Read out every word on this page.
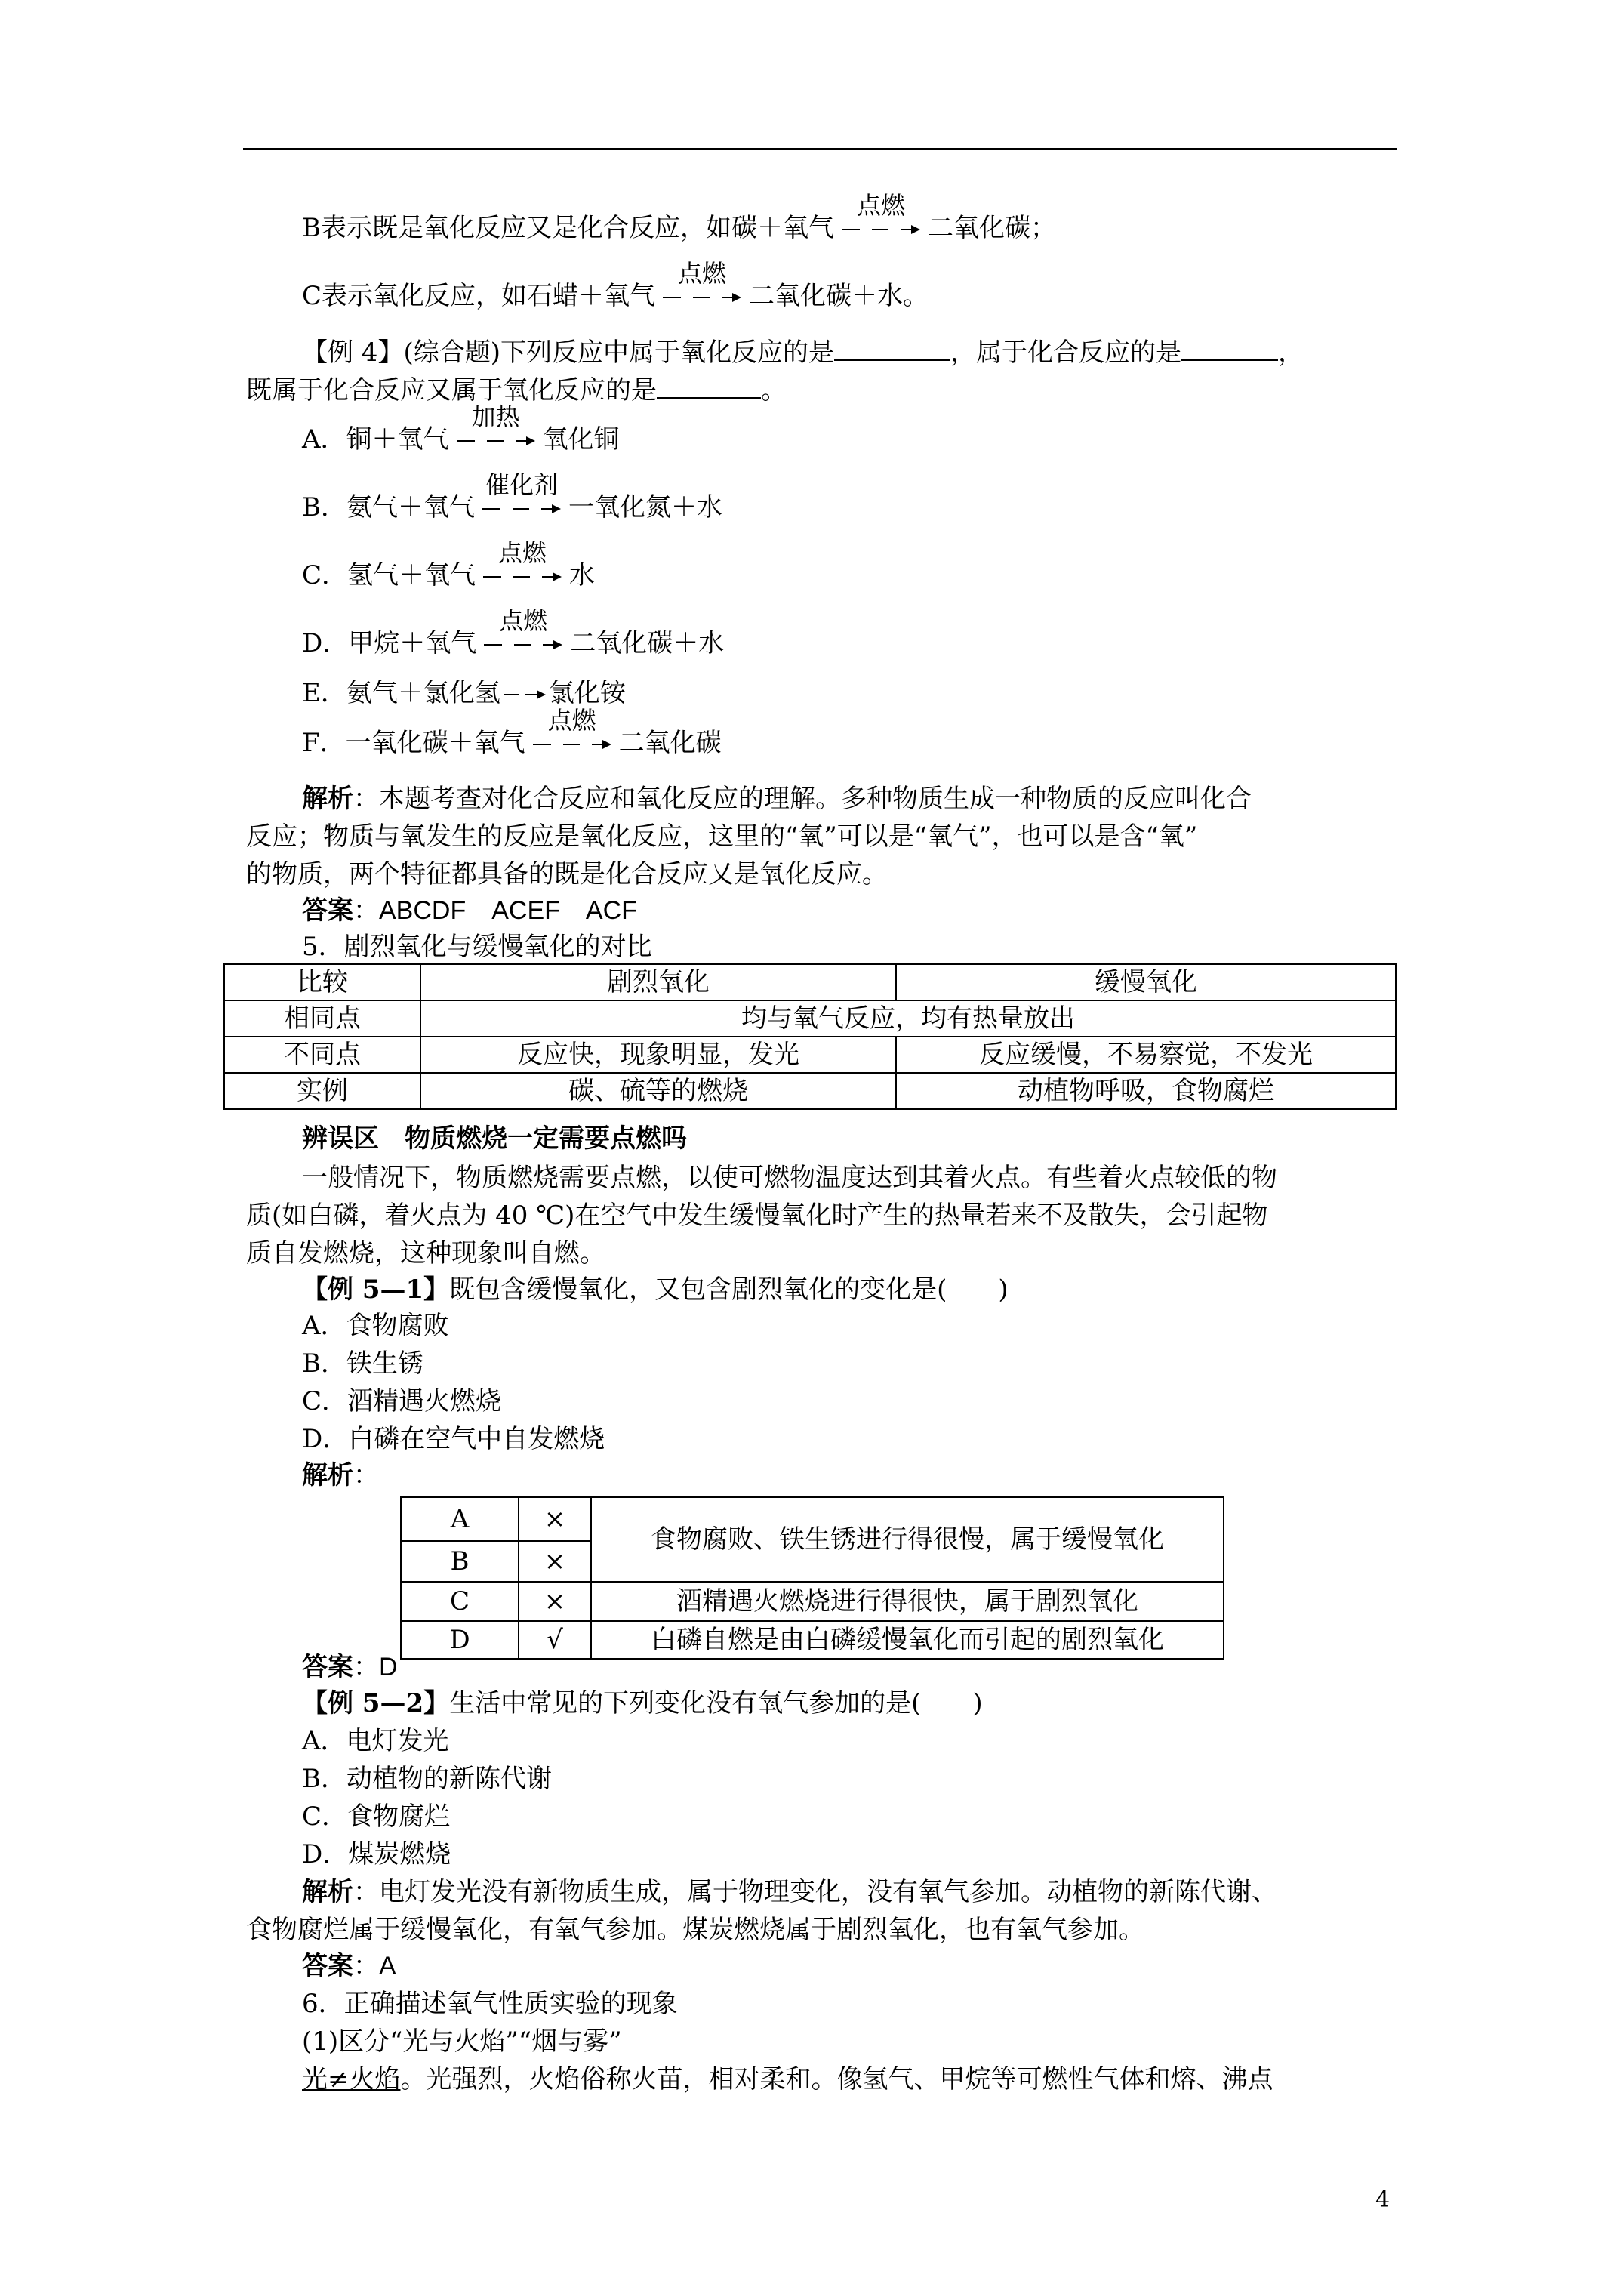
B表示既是氧化反应又是化合反应，如碳＋氧气
点燃
二氧化碳；
C表示氧化反应，如石蜡＋氧气
点燃
二氧化碳＋水。
【例 4】(综合题)下列反应中属于氧化反应的是	，属于化合反应的是	，
既属于化合反应又属于氧化反应的是	。
A．铜＋氧气
加热
氧化铜
B．氨气＋氧气
催化剂
一氧化氮＋水
C．氢气＋氧气
点燃
水
D．甲烷＋氧气
点燃
二氧化碳＋水
E．氨气＋氯化氢 氯化铵
F．一氧化碳＋氧气
点燃
二氧化碳
解析：本题考查对化合反应和氧化反应的理解。多种物质生成一种物质的反应叫化合
反应；物质与氧发生的反应是氧化反应，这里的“氧”可以是“氧气”，也可以是含“氧”
的物质，两个特征都具备的既是化合反应又是氧化反应。
答案：ABCDF　ACEF　ACF
5．剧烈氧化与缓慢氧化的对比
比较	剧烈氧化	缓慢氧化
相同点	均与氧气反应，均有热量放出	
不同点	反应快，现象明显，发光	反应缓慢，不易察觉，不发光
实例	碳、硫等的燃烧	动植物呼吸，食物腐烂
辨误区　物质燃烧一定需要点燃吗
一般情况下，物质燃烧需要点燃，以使可燃物温度达到其着火点。有些着火点较低的物
质(如白磷，着火点为 40 ℃)在空气中发生缓慢氧化时产生的热量若来不及散失，会引起物
质自发燃烧，这种现象叫自燃。
【例 5—1】既包含缓慢氧化，又包含剧烈氧化的变化是(　　)
A．食物腐败
B．铁生锈
C．酒精遇火燃烧
D．白磷在空气中自发燃烧
解析：
A	×	食物腐败、铁生锈进行得很慢，属于缓慢氧化
B	×	
C	×	酒精遇火燃烧进行得很快，属于剧烈氧化
D	√	白磷自燃是由白磷缓慢氧化而引起的剧烈氧化
答案：D
【例 5—2】生活中常见的下列变化没有氧气参加的是(　　)
A．电灯发光
B．动植物的新陈代谢
C．食物腐烂
D．煤炭燃烧
解析：电灯发光没有新物质生成，属于物理变化，没有氧气参加。动植物的新陈代谢、
食物腐烂属于缓慢氧化，有氧气参加。煤炭燃烧属于剧烈氧化，也有氧气参加。
答案：A
6．正确描述氧气性质实验的现象
(1)区分“光与火焰”“烟与雾”
光≠火焰。光强烈，火焰俗称火苗，相对柔和。像氢气、甲烷等可燃性气体和熔、沸点
4
